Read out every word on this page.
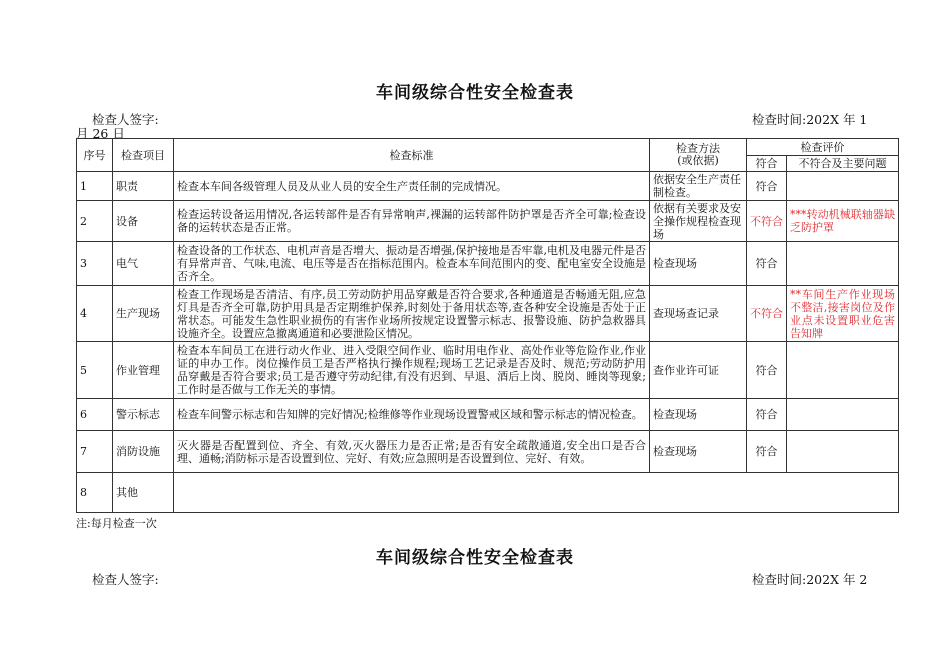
车间级综合性安全检查表
检查人签字:	检查时间:202X 年 1
月 26 日
序号	检查项目	检查标准	检查方法
(或依据)	检查评价	
				符合	不符合及主要问题
1	职责	检查本车间各级管理人员及从业人员的安全生产责任制的完成情况。	依据安全生产责任制检查。	符合	
2	设备	检查运转设备运用情况,各运转部件是否有异常响声,裸漏的运转部件防护罩是否齐全可靠;检查设备的运转状态是否正常。	依据有关要求及安全操作规程检查现场	不符合	***转动机械联轴器缺乏防护罩
3	电气	检查设备的工作状态、电机声音是否增大、振动是否增强,保护接地是否牢靠,电机及电器元件是否有异常声音、气味,电流、电压等是否在指标范围内。检查本车间范围内的变、配电室安全设施是否齐全。	检查现场	符合	
4	生产现场	检查工作现场是否清洁、有序,员工劳动防护用品穿戴是否符合要求,各种通道是否畅通无阻,应急灯具是否齐全可靠,防护用具是否定期维护保养,时刻处于备用状态等,查各种安全设施是否处于正常状态。可能发生急性职业损伤的有害作业场所按规定设置警示标志、报警设施、防护急救器具设施齐全。设置应急撤离通道和必要泄险区情况。	查现场查记录	不符合	**车间生产作业现场不整洁,接害岗位及作业点未设置职业危害告知牌
5	作业管理	检查本车间员工在进行动火作业、进入受限空间作业、临时用电作业、高处作业等危险作业,作业证的申办工作。岗位操作员工是否严格执行操作规程;现场工艺记录是否及时、规范;劳动防护用品穿戴是否符合要求;员工是否遵守劳动纪律,有没有迟到、早退、酒后上岗、脱岗、睡岗等现象;工作时是否做与工作无关的事情。	查作业许可证	符合	
6	警示标志	检查车间警示标志和告知牌的完好情况;检维修等作业现场设置警戒区域和警示标志的情况检查。	检查现场	符合	
7	消防设施	灭火器是否配置到位、齐全、有效,灭火器压力是否正常;是否有安全疏散通道,安全出口是否合理、通畅;消防标示是否设置到位、完好、有效;应急照明是否设置到位、完好、有效。	检查现场	符合	
8	其他				
注:每月检查一次
车间级综合性安全检查表
检查人签字:	检查时间:202X 年 2
